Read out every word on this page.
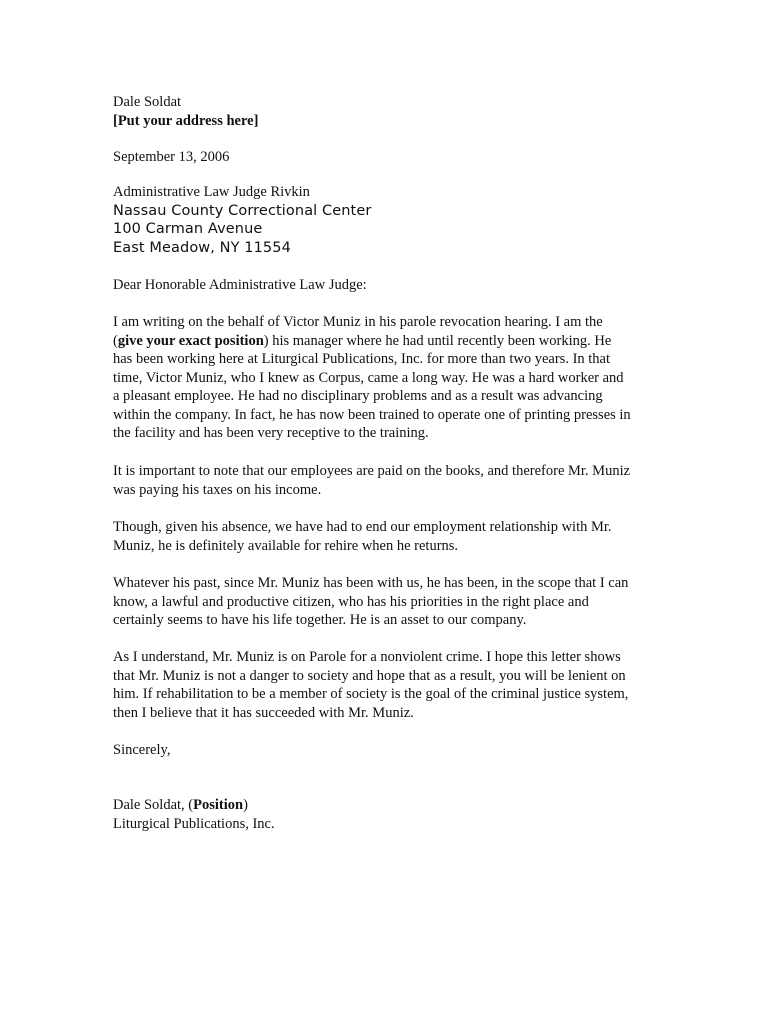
Dale Soldat
[Put your address here]
September 13, 2006
Administrative Law Judge Rivkin
Nassau County Correctional Center
100 Carman Avenue
East Meadow, NY 11554
Dear Honorable Administrative Law Judge:
I am writing on the behalf of Victor Muniz in his parole revocation hearing. I am the
(give your exact position) his manager where he had until recently been working. He
has been working here at Liturgical Publications, Inc. for more than two years. In that
time, Victor Muniz, who I knew as Corpus, came a long way. He was a hard worker and
a pleasant employee. He had no disciplinary problems and as a result was advancing
within the company. In fact, he has now been trained to operate one of printing presses in
the facility and has been very receptive to the training.
It is important to note that our employees are paid on the books, and therefore Mr. Muniz
was paying his taxes on his income.
Though, given his absence, we have had to end our employment relationship with Mr.
Muniz, he is definitely available for rehire when he returns.
Whatever his past, since Mr. Muniz has been with us, he has been, in the scope that I can
know, a lawful and productive citizen, who has his priorities in the right place and
certainly seems to have his life together. He is an asset to our company.
As I understand, Mr. Muniz is on Parole for a nonviolent crime. I hope this letter shows
that Mr. Muniz is not a danger to society and hope that as a result, you will be lenient on
him. If rehabilitation to be a member of society is the goal of the criminal justice system,
then I believe that it has succeeded with Mr. Muniz.
Sincerely,
Dale Soldat, (Position)
Liturgical Publications, Inc.
